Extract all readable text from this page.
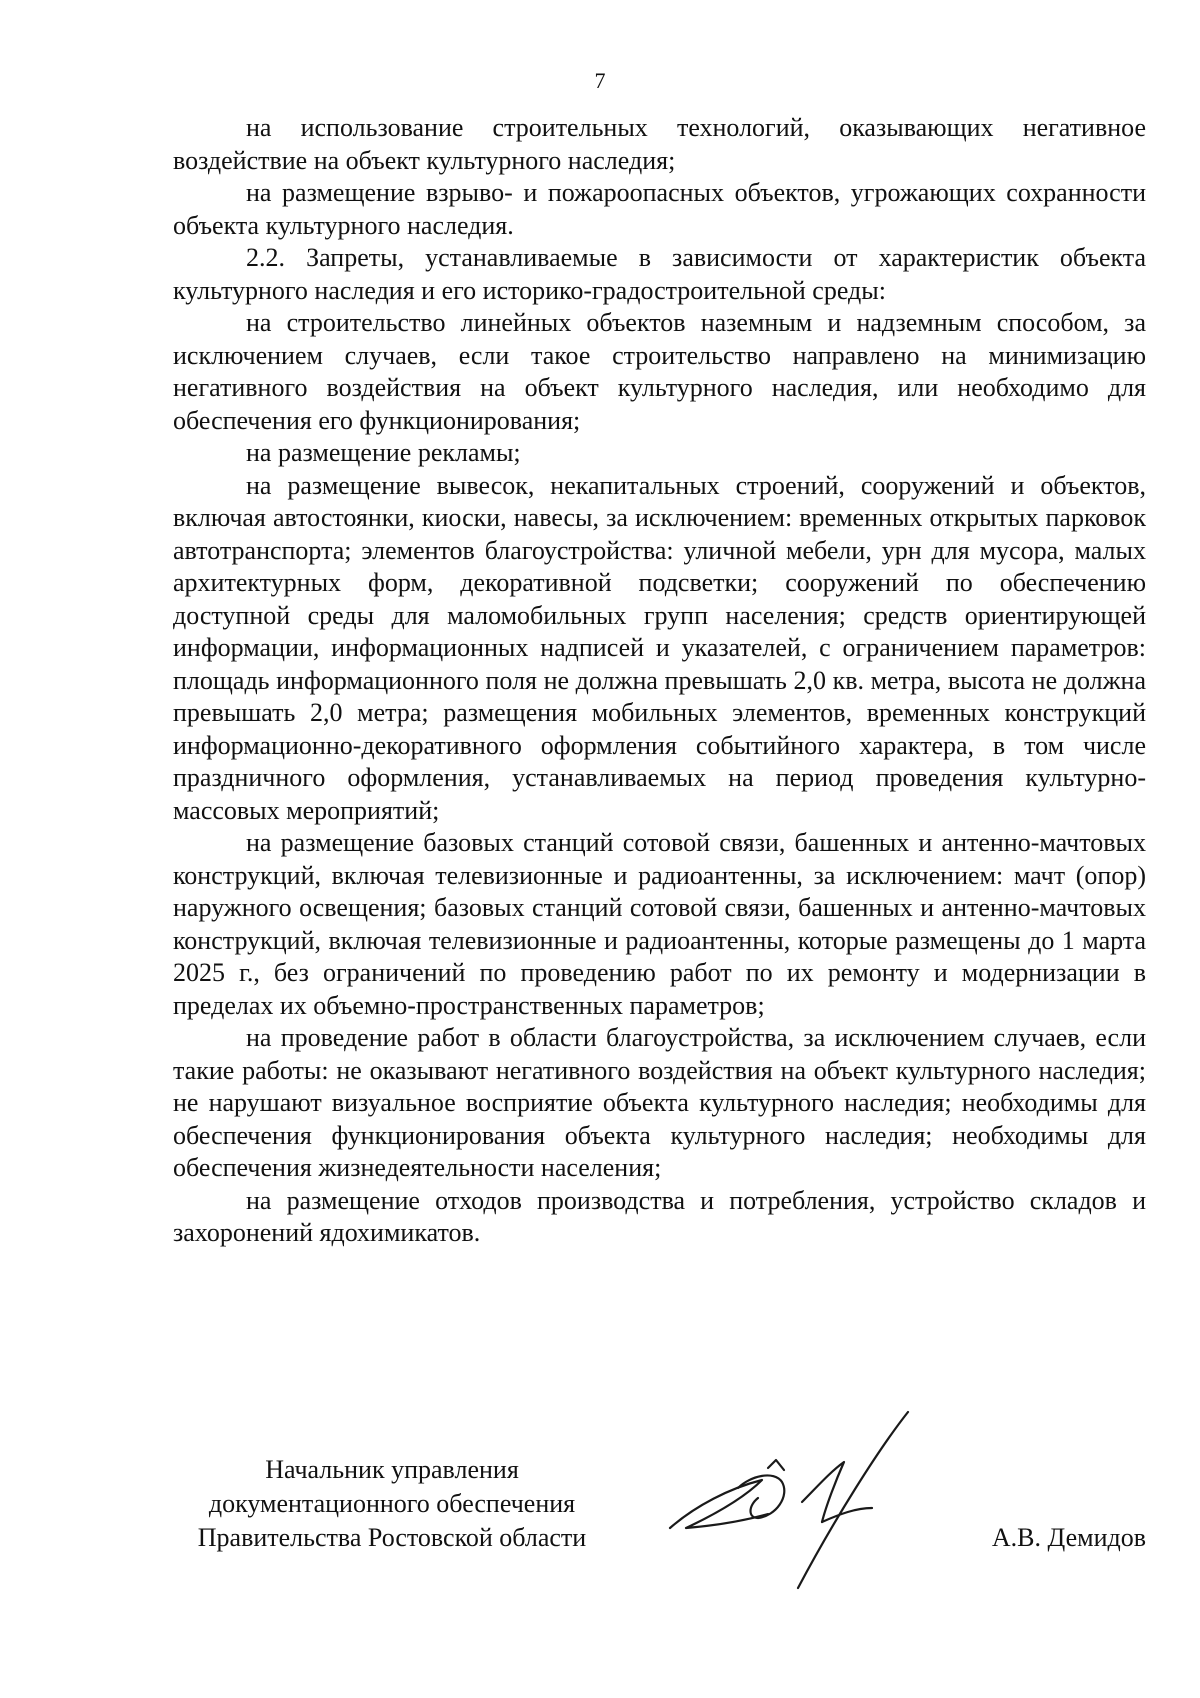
7

на использование строительных технологий, оказывающих негативное воздействие на объект культурного наследия;

на размещение взрыво- и пожароопасных объектов, угрожающих сохранности объекта культурного наследия.

2.2. Запреты, устанавливаемые в зависимости от характеристик объекта культурного наследия и его историко-градостроительной среды:

на строительство линейных объектов наземным и надземным способом, за исключением случаев, если такое строительство направлено на минимизацию негативного воздействия на объект культурного наследия, или необходимо для обеспечения его функционирования;

на размещение рекламы;

на размещение вывесок, некапитальных строений, сооружений и объектов, включая автостоянки, киоски, навесы, за исключением: временных открытых парковок автотранспорта; элементов благоустройства: уличной мебели, урн для мусора, малых архитектурных форм, декоративной подсветки; сооружений по обеспечению доступной среды для маломобильных групп населения; средств ориентирующей информации, информационных надписей и указателей, с ограничением параметров: площадь информационного поля не должна превышать 2,0 кв. метра, высота не должна превышать 2,0 метра; размещения мобильных элементов, временных конструкций информационно-декоративного оформления событийного характера, в том числе праздничного оформления, устанавливаемых на период проведения культурно-массовых мероприятий;

на размещение базовых станций сотовой связи, башенных и антенно-мачтовых конструкций, включая телевизионные и радиоантенны, за исключением: мачт (опор) наружного освещения; базовых станций сотовой связи, башенных и антенно-мачтовых конструкций, включая телевизионные и радиоантенны, которые размещены до 1 марта 2025 г., без ограничений по проведению работ по их ремонту и модернизации в пределах их объемно-пространственных параметров;

на проведение работ в области благоустройства, за исключением случаев, если такие работы: не оказывают негативного воздействия на объект культурного наследия; не нарушают визуальное восприятие объекта культурного наследия; необходимы для обеспечения функционирования объекта культурного наследия; необходимы для обеспечения жизнедеятельности населения;

на размещение отходов производства и потребления, устройство складов и захоронений ядохимикатов.

Начальник управления
документационного обеспечения
Правительства Ростовской области	А.В. Демидов
